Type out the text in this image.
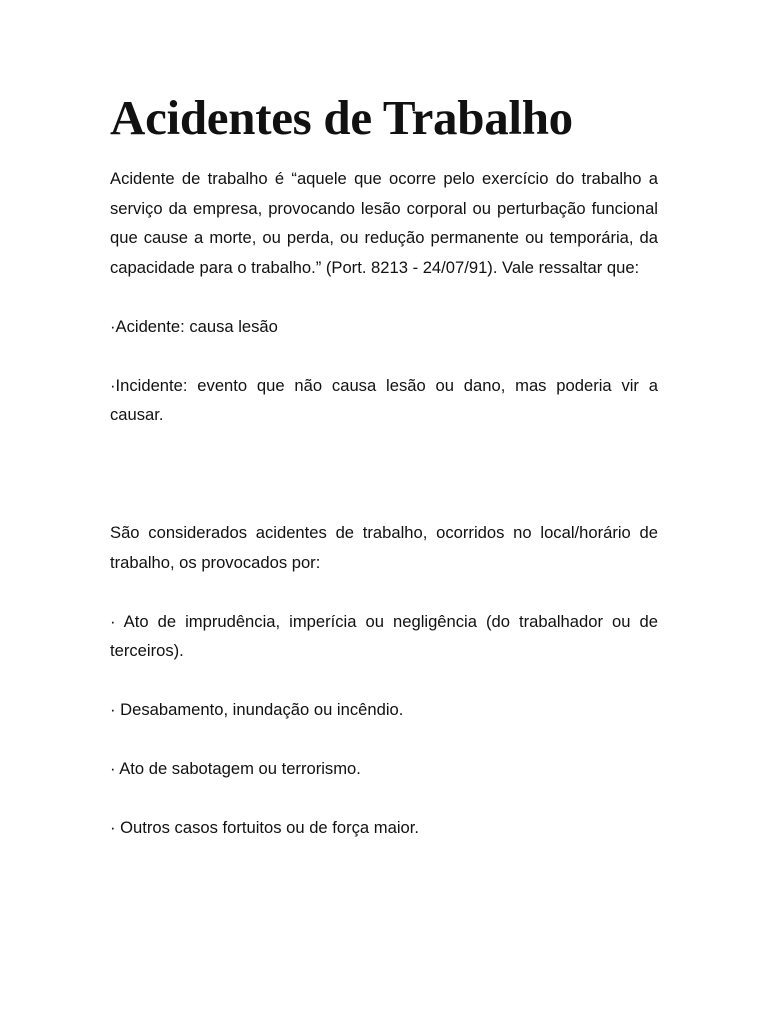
Acidentes de Trabalho

Acidente de trabalho é “aquele que ocorre pelo exercício do trabalho a serviço da empresa, provocando lesão corporal ou perturbação funcional que cause a morte, ou perda, ou redução permanente ou temporária, da capacidade para o trabalho.” (Port. 8213 - 24/07/91). Vale ressaltar que:

·Acidente: causa lesão

·Incidente: evento que não causa lesão ou dano, mas poderia vir a causar.

São considerados acidentes de trabalho, ocorridos no local/horário de trabalho, os provocados por:

· Ato de imprudência, imperícia ou negligência (do trabalhador ou de terceiros).

· Desabamento, inundação ou incêndio.

· Ato de sabotagem ou terrorismo.

· Outros casos fortuitos ou de força maior.
